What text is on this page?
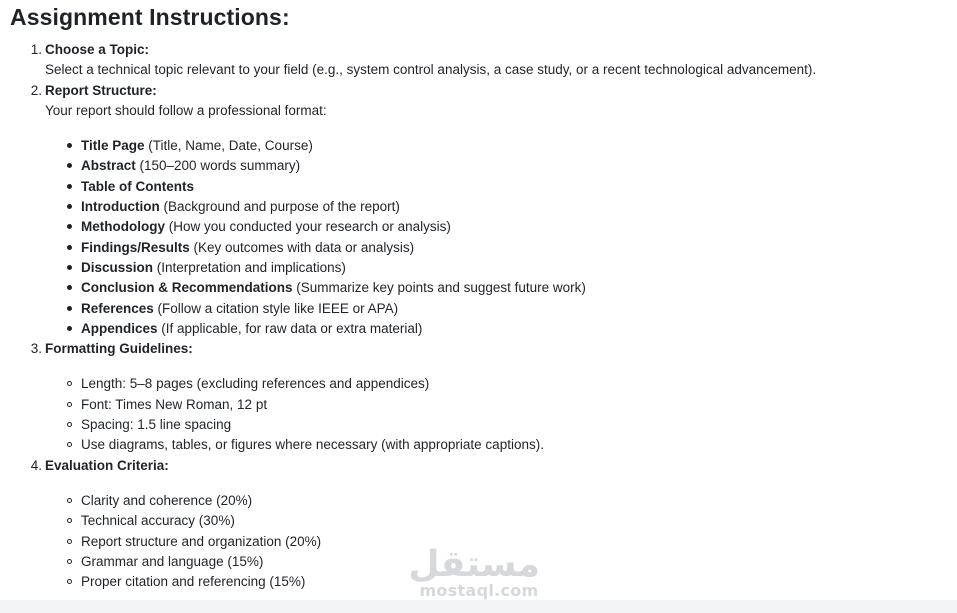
Assignment Instructions:
1. Choose a Topic:
Select a technical topic relevant to your field (e.g., system control analysis, a case study, or a recent technological advancement).
2. Report Structure:
Your report should follow a professional format:
Title Page (Title, Name, Date, Course)
Abstract (150–200 words summary)
Table of Contents
Introduction (Background and purpose of the report)
Methodology (How you conducted your research or analysis)
Findings/Results (Key outcomes with data or analysis)
Discussion (Interpretation and implications)
Conclusion & Recommendations (Summarize key points and suggest future work)
References (Follow a citation style like IEEE or APA)
Appendices (If applicable, for raw data or extra material)
3. Formatting Guidelines:
Length: 5–8 pages (excluding references and appendices)
Font: Times New Roman, 12 pt
Spacing: 1.5 line spacing
Use diagrams, tables, or figures where necessary (with appropriate captions).
4. Evaluation Criteria:
Clarity and coherence (20%)
Technical accuracy (30%)
Report structure and organization (20%)
Grammar and language (15%)
Proper citation and referencing (15%)	مستقل
mostaql.com
